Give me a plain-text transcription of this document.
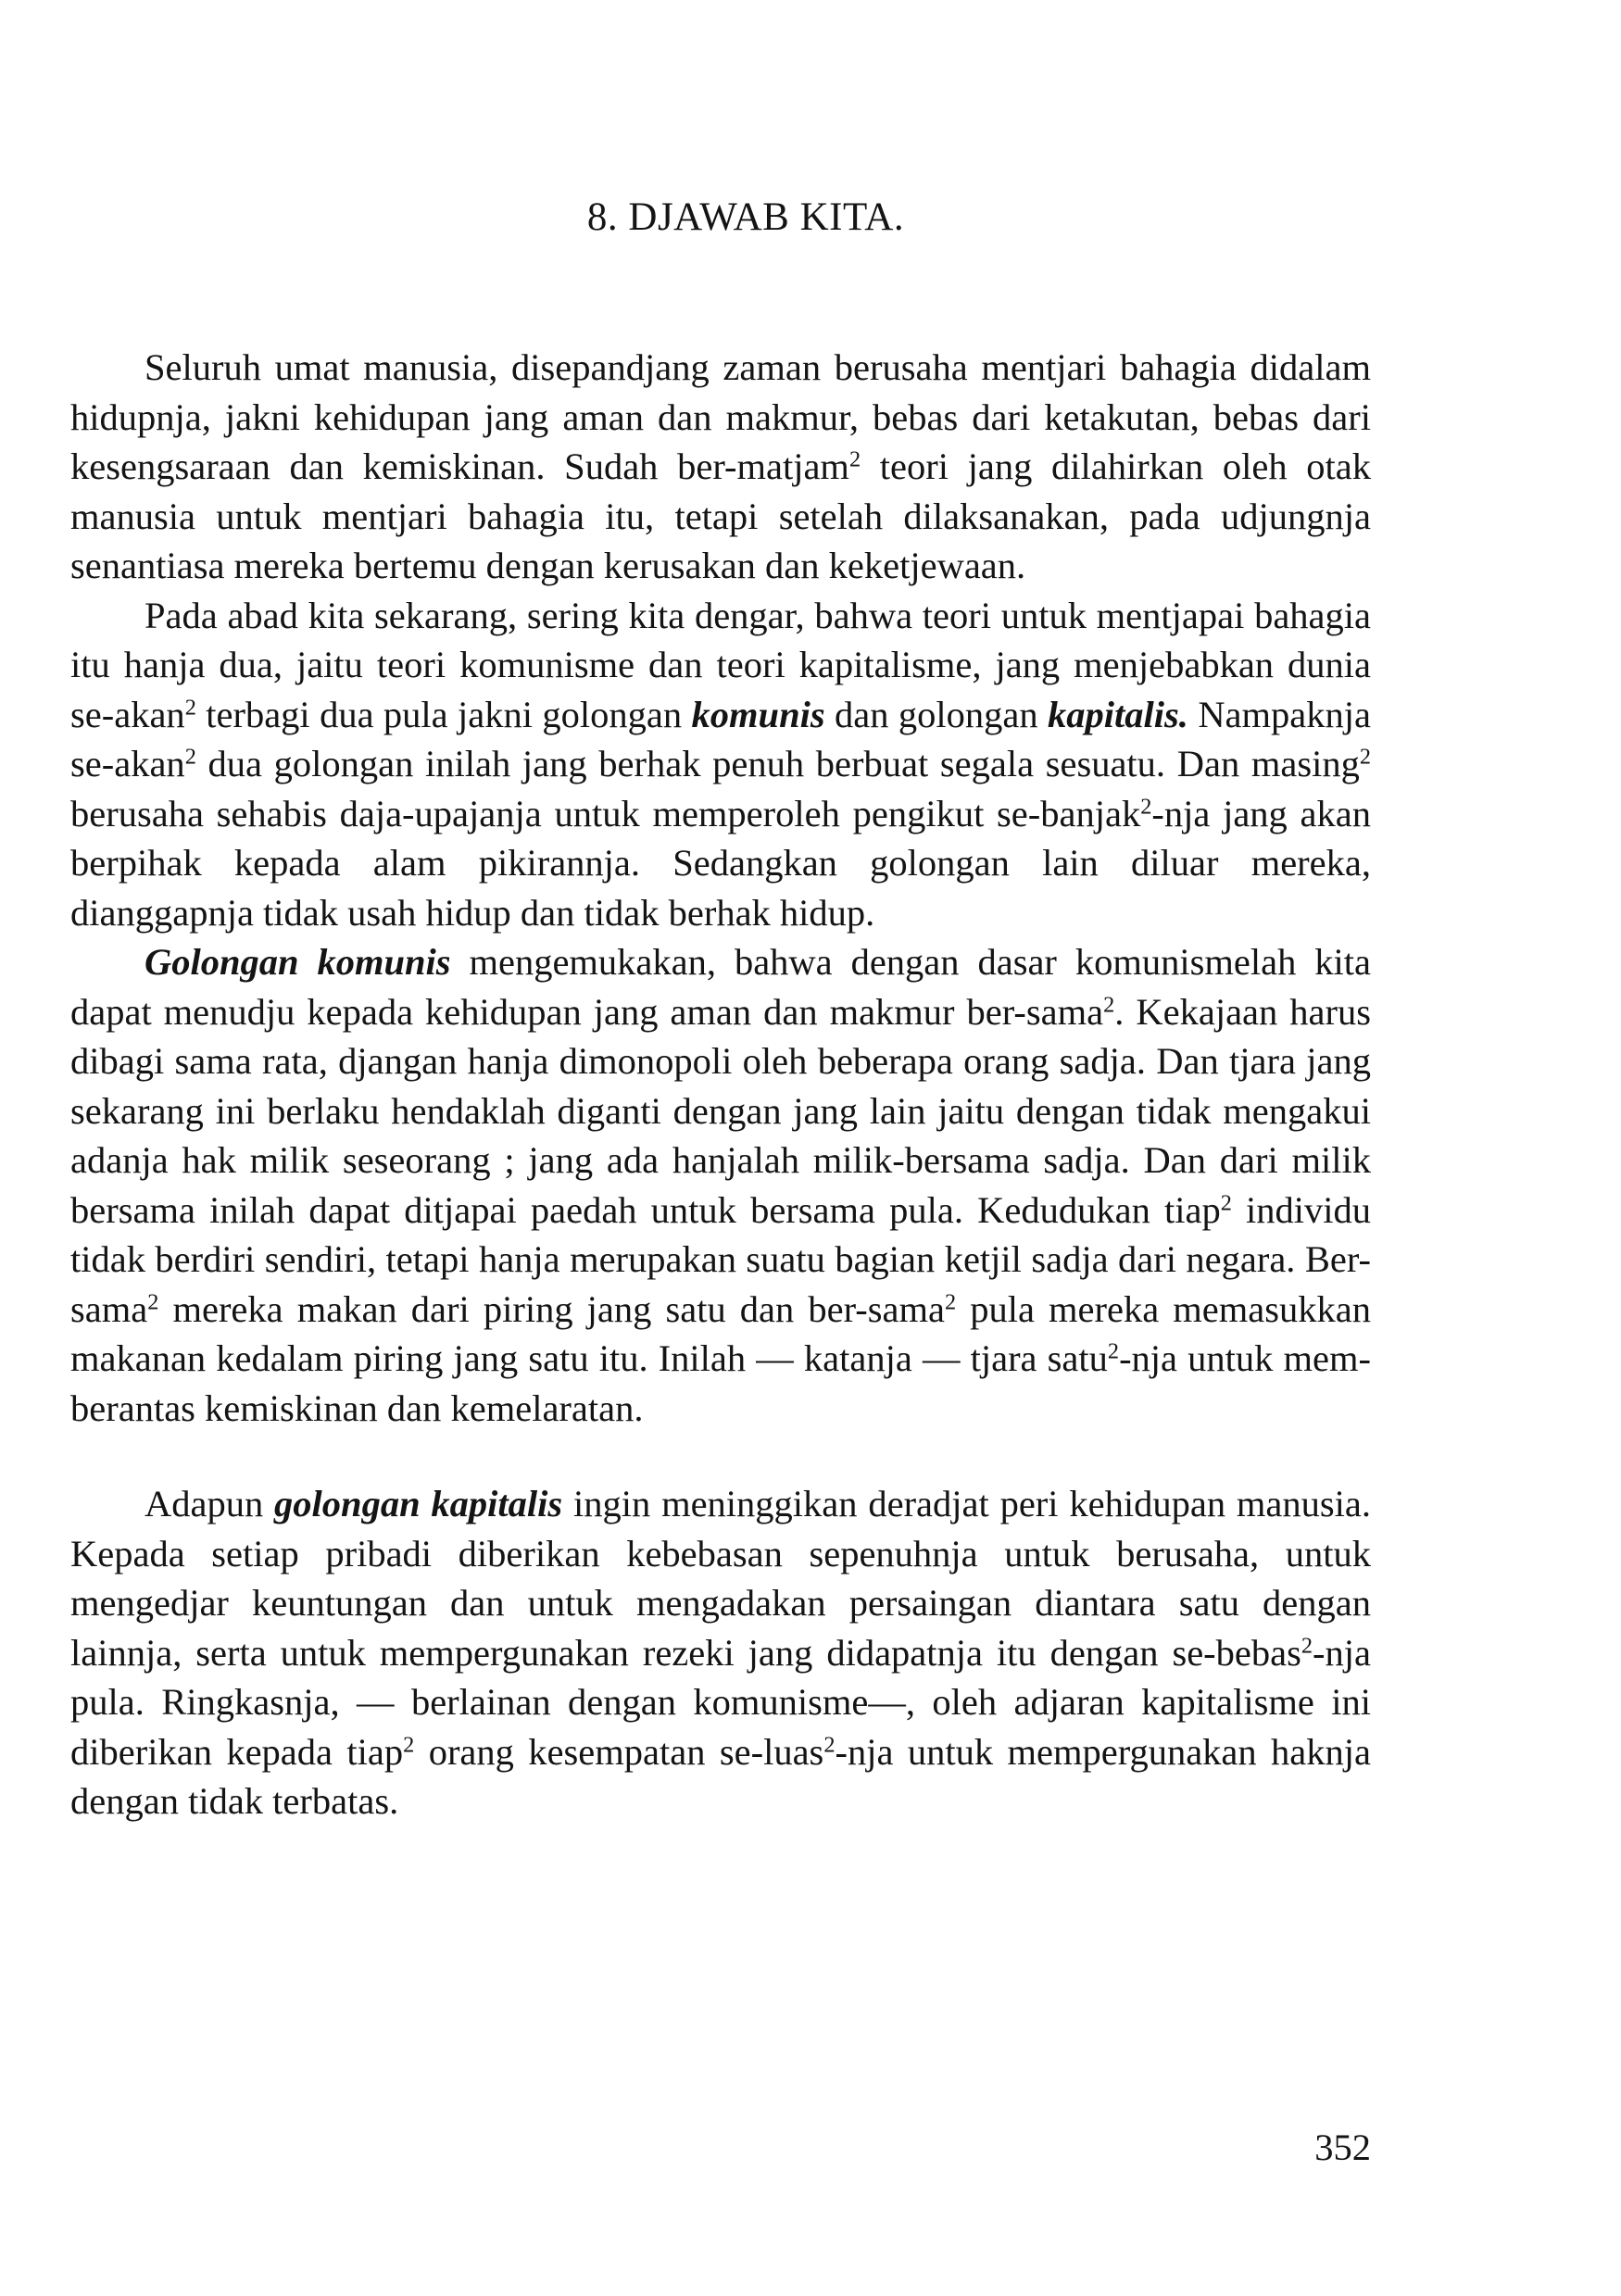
8. DJAWAB KITA.

Seluruh umat manusia, disepandjang zaman berusaha mentjari bahagia didalam hidupnja, jakni kehidupan jang aman dan makmur, bebas dari ketakutan, bebas dari kesengsaraan dan kemiskinan. Sudah ber-matjam$^2$ teori jang dilahirkan oleh otak manusia untuk mentjari bahagia itu, tetapi setelah dilaksanakan, pada udjungnja senantiasa mereka bertemu dengan kerusakan dan keketjewaan.

Pada abad kita sekarang, sering kita dengar, bahwa teori untuk mentjapai bahagia itu hanja dua, jaitu teori komunisme dan teori kapitalisme, jang menjebabkan dunia se-akan$^2$ terbagi dua pula jakni golongan komunis dan golongan kapitalis. Nampaknja se-akan$^2$ dua golongan inilah jang berhak penuh berbuat segala sesuatu. Dan masing$^2$ berusaha sehabis daja-upajanja untuk memperoleh pengikut se-banjak$^2$-nja jang akan berpihak kepada alam pikirannja. Sedangkan golongan lain diluar mereka, dianggapnja tidak usah hidup dan tidak berhak hidup.

Golongan komunis mengemukakan, bahwa dengan dasar komunismelah kita dapat menudju kepada kehidupan jang aman dan makmur ber-sama$^2$. Kekajaan harus dibagi sama rata, djangan hanja dimonopoli oleh beberapa orang sadja. Dan tjara jang sekarang ini berlaku hendaklah diganti dengan jang lain jaitu dengan tidak mengakui adanja hak milik seseorang ; jang ada hanjalah milik-bersama sadja. Dan dari milik bersama inilah dapat ditjapai paedah untuk bersama pula. Kedudukan tiap$^2$ individu tidak berdiri sendiri, tetapi hanja merupakan suatu bagian ketjil sadja dari negara. Ber-sama$^2$ mereka makan dari piring jang satu dan ber-sama$^2$ pula mereka memasukkan makanan kedalam piring jang satu itu. Inilah — katanja — tjara satu$^2$-nja untuk memberantas kemiskinan dan kemelaratan.

Adapun golongan kapitalis ingin meninggikan deradjat peri kehidupan manusia. Kepada setiap pribadi diberikan kebebasan sepenuhnja untuk berusaha, untuk mengedjar keuntungan dan untuk mengadakan persaingan diantara satu dengan lainnja, serta untuk mempergunakan rezeki jang didapatnja itu dengan se-bebas$^2$-nja pula. Ringkasnja, — berlainan dengan komunisme—, oleh adjaran kapitalisme ini diberikan kepada tiap$^2$ orang kesempatan se-luas$^2$-nja untuk mempergunakan haknja dengan tidak terbatas.

352
